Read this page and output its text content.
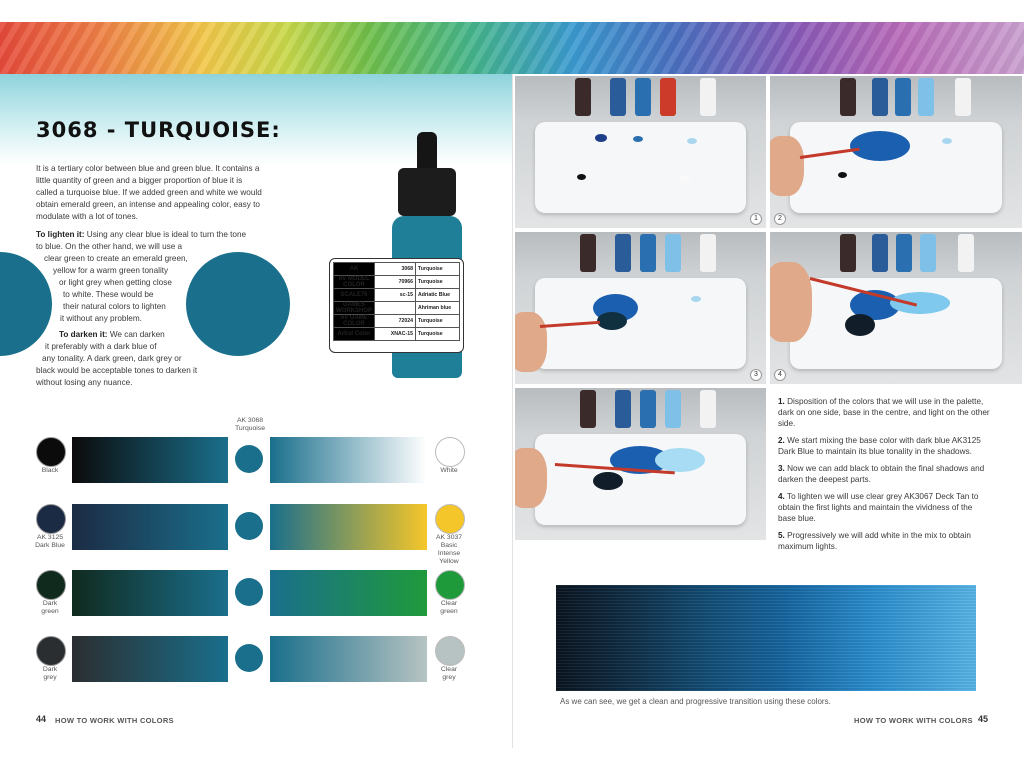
3068 - TURQUOISE:
It is a tertiary color between blue and green blue. It contains a little quantity of green and a bigger proportion of blue it is called a turquoise blue. If we added green and white we would obtain emerald green, an intense and appealing color, easy to modulate with a lot of tones.
To lighten it: Using any clear blue is ideal to turn the tone
to blue. On the other hand, we will use a
clear green to create an emerald green,
yellow for a warm green tonality
or light grey when getting close
to white. These would be
their natural colors to lighten
it without any problem.
To darken it: We can darken
it preferably with a dark blue of
any tonality. A dark green, dark grey or
black would be acceptable tones to darken it
without losing any nuance.
AK	3068	Turquoise
AV MODEL COLOR	70966	Turquoise
SCALE75	sc-15	Adriatic Blue
GAMES WORKSHOP		Ahriman blue
AV GAME COLOR	72024	Turquoise
Artist Color	XNAC-15	Turquoise
AK 3068 Turquoise
Black	White
AK 3125
Dark Blue
AK 3037
Basic
Intense
Yellow
Dark
green
Clear
green
Dark
grey
Clear
grey
44 HOW TO WORK WITH COLORS
1	2
3	4

1. Disposition of the colors that we will use in the palette, dark on one side, base in the centre, and light on the other side.

2. We start mixing the base color with dark blue AK3125 Dark Blue to maintain its blue tonality in the shadows.

3. Now we can add black to obtain the final shadows and darken the deepest parts.

4. To lighten we will use clear grey AK3067 Deck Tan to obtain the first lights and maintain the vividness of the base blue.

5. Progressively we will add white in the mix to obtain maximum lights.

As we can see, we get a clean and progressive transition using these colors.
HOW TO WORK WITH COLORS 45
